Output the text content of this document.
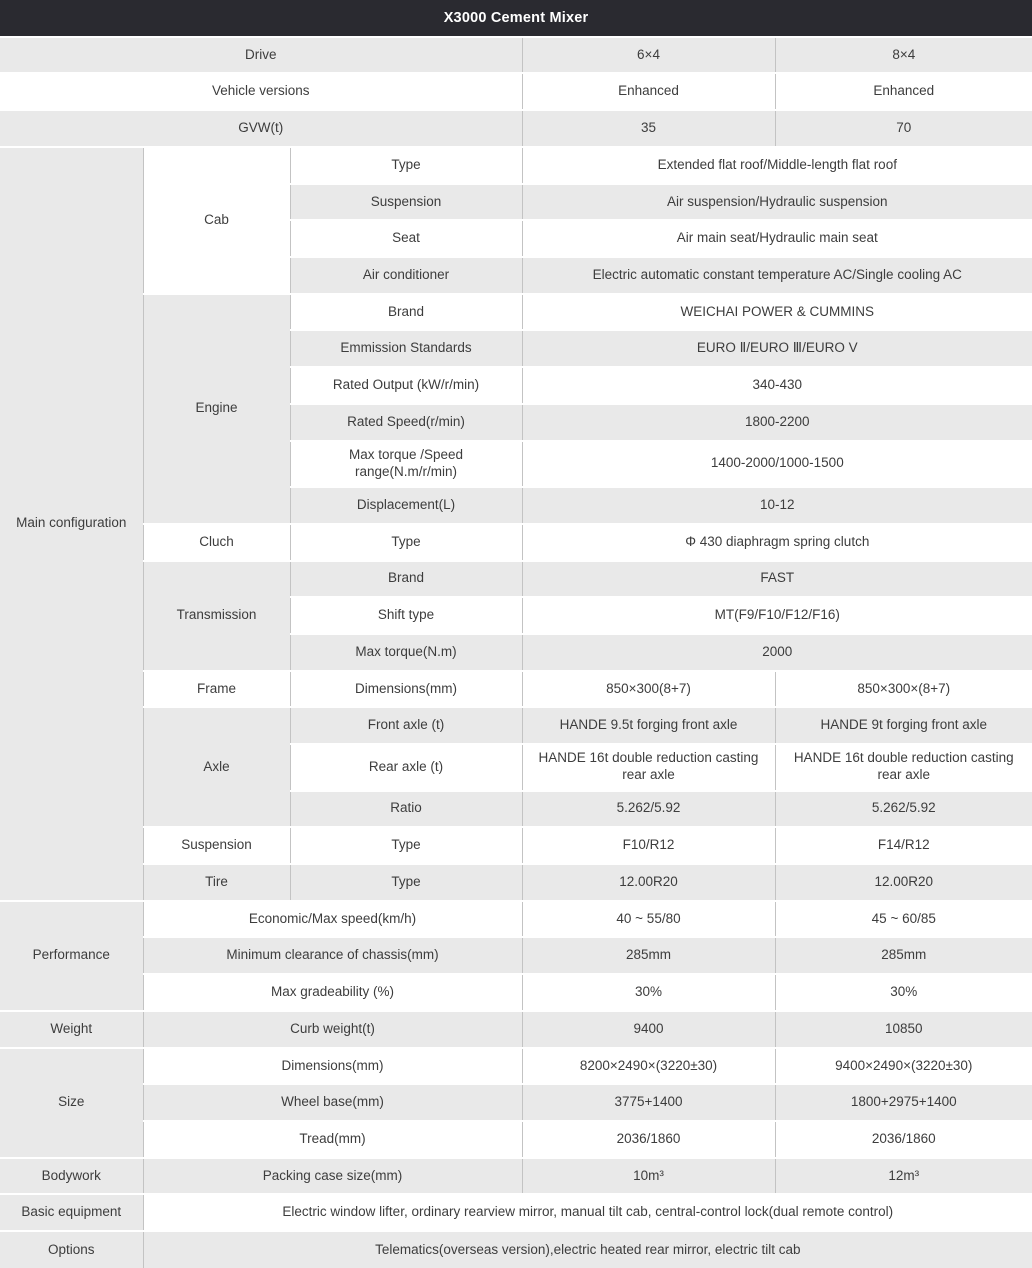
X3000 Cement Mixer				
Drive			6×4	8×4
Vehicle versions			Enhanced	Enhanced
GVW(t)			35	70
Main configuration	Cab	Type	Extended flat roof/Middle-length flat roof	
		Suspension	Air suspension/Hydraulic suspension	
		Seat	Air main seat/Hydraulic main seat	
		Air conditioner	Electric automatic constant temperature AC/Single cooling AC	
	Engine	Brand	WEICHAI POWER & CUMMINS	
		Emmission Standards	EURO Ⅱ/EURO Ⅲ/EURO V	
		Rated Output (kW/r/min)	340-430	
		Rated Speed(r/min)	1800-2200	
		Max torque /Speed range(N.m/r/min)	1400-2000/1000-1500	
		Displacement(L)	10-12	
	Cluch	Type	Φ 430 diaphragm spring clutch	
	Transmission	Brand	FAST	
		Shift type	MT(F9/F10/F12/F16)	
		Max torque(N.m)	2000	
	Frame	Dimensions(mm)	850×300(8+7)	850×300×(8+7)
	Axle	Front axle (t)	HANDE 9.5t forging front axle	HANDE 9t forging front axle
		Rear axle (t)	HANDE 16t double reduction casting rear axle	HANDE 16t double reduction casting rear axle
		Ratio	5.262/5.92	5.262/5.92
	Suspension	Type	F10/R12	F14/R12
	Tire	Type	12.00R20	12.00R20
Performance	Economic/Max speed(km/h)		40 ~ 55/80	45 ~ 60/85
	Minimum clearance of chassis(mm)		285mm	285mm
	Max gradeability (%)		30%	30%
Weight	Curb weight(t)		9400	10850
Size	Dimensions(mm)		8200×2490×(3220±30)	9400×2490×(3220±30)
	Wheel base(mm)		3775+1400	1800+2975+1400
	Tread(mm)		2036/1860	2036/1860
Bodywork	Packing case size(mm)		10m³	12m³
Basic equipment	Electric window lifter, ordinary rearview mirror, manual tilt cab, central-control lock(dual remote control)			
Options	Telematics(overseas version),electric heated rear mirror, electric tilt cab			
